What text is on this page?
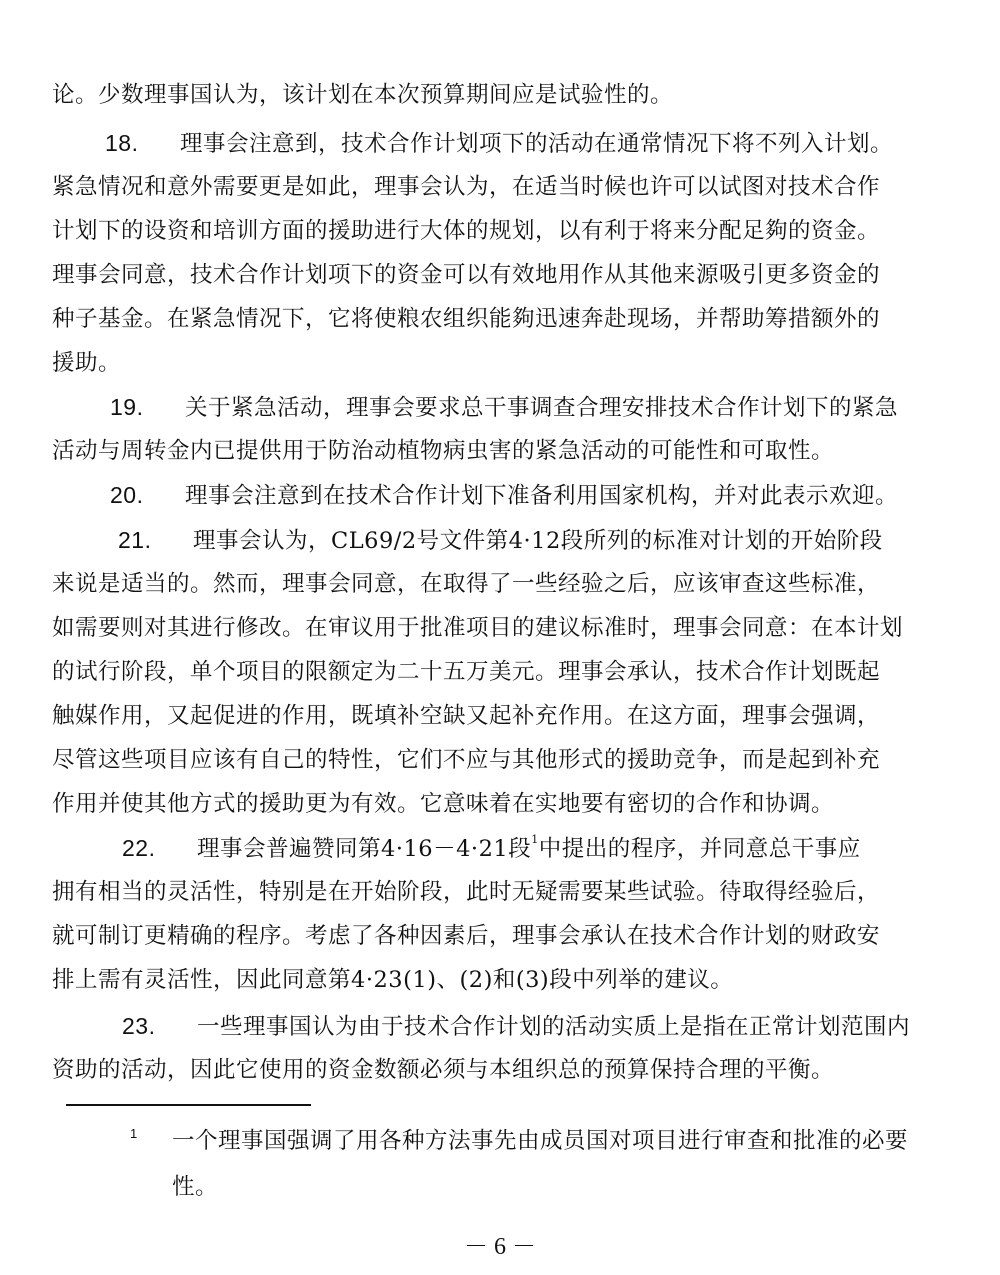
论。少数理事国认为，该计划在本次预算期间应是试验性的。
18. 理事会注意到，技术合作计划项下的活动在通常情况下将不列入计划。
紧急情况和意外需要更是如此，理事会认为，在适当时候也许可以试图对技术合作
计划下的设资和培训方面的援助进行大体的规划，以有利于将来分配足夠的资金。
理事会同意，技术合作计划项下的资金可以有效地用作从其他来源吸引更多资金的
种子基金。在紧急情况下，它将使粮农组织能夠迅速奔赴现场，并帮助筹措额外的
援助。
19. 关于紧急活动，理事会要求总干事调查合理安排技术合作计划下的紧急
活动与周转金内已提供用于防治动植物病虫害的紧急活动的可能性和可取性。
20. 理事会注意到在技术合作计划下准备利用国家机构，并对此表示欢迎。
21. 理事会认为，CL69/2号文件第4·12段所列的标准对计划的开始阶段
来说是适当的。然而，理事会同意，在取得了一些经验之后，应该审查这些标准，
如需要则对其进行修改。在审议用于批准项目的建议标准时，理事会同意：在本计划
的试行阶段，单个项目的限额定为二十五万美元。理事会承认，技术合作计划既起
触媒作用，又起促进的作用，既填补空缺又起补充作用。在这方面，理事会强调，
尽管这些项目应该有自己的特性，它们不应与其他形式的援助竞争，而是起到补充
作用并使其他方式的援助更为有效。它意味着在实地要有密切的合作和协调。
22. 理事会普遍赞同第4·16－4·21段$^1$中提出的程序，并同意总干事应
拥有相当的灵活性，特别是在开始阶段，此时无疑需要某些试验。待取得经验后，
就可制订更精确的程序。考虑了各种因素后，理事会承认在技术合作计划的财政安
排上需有灵活性，因此同意第4·23(1)、(2)和(3)段中列举的建议。
23. 一些理事国认为由于技术合作计划的活动实质上是指在正常计划范围内
资助的活动，因此它使用的资金数额必须与本组织总的预算保持合理的平衡。
1 一个理事国强调了用各种方法事先由成员国对项目进行审查和批准的必要
性。
－ 6 －
